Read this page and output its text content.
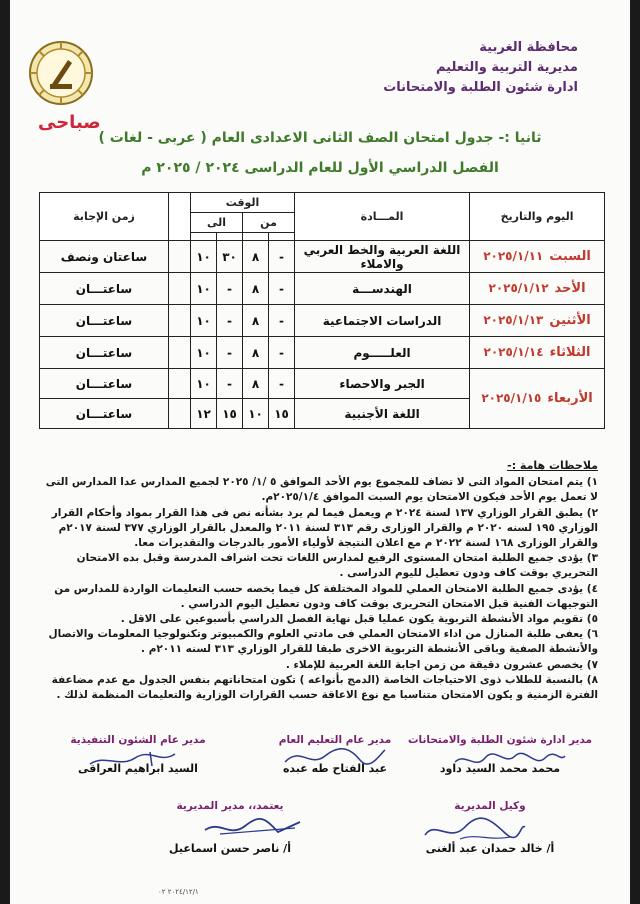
محافظة الغربية
مديرية التربية والتعليم
ادارة شئون الطلبة والامتحانات
صباحى
ثانيا :- جدول امتحان الصف الثانى الاعدادى العام ( عربى - لغات )
الفصل الدراسي الأول للعام الدراسى ٢٠٢٤ / ٢٠٢٥ م
اليوم والتاريخ	المـــادة	الوقت					زمن الإجابة
		من		الى			

السبت٢٠٢٥/١/١١	اللغة العربية والخط العربي والاملاء	-	٨	٣٠	١٠		ساعتان ونصف
الأحد٢٠٢٥/١/١٢	الهندســـة	-	٨	-	١٠		ساعتـــان
الأثنين٢٠٢٥/١/١٣	الدراسات الاجتماعية	-	٨	-	١٠		ساعتـــان
الثلاثاء٢٠٢٥/١/١٤	العلـــــوم	-	٨	-	١٠		ساعتـــان
الأربعاء٢٠٢٥/١/١٥	الجبر والاحصاء	-	٨	-	١٠		ساعتـــان
	اللغة الأجنبية	١٥	١٠	١٥	١٢		ساعتـــان
ملاحظات هامة :-

١) يتم امتحان المواد التى لا تضاف للمجموع يوم الأحد الموافق ٥ /١/ ٢٠٢٥ لجميع المدارس عدا المدارس التى لا تعمل يوم الأحد فيكون الامتحان يوم السبت الموافق ٢٠٢٥/١/٤م.

٢) يطبق القرار الوزاري ١٣٧ لسنة ٢٠٢٤ م ويعمل فيما لم يرد بشأنه نص فى هذا القرار بمواد وأحكام القرار الوزاري ١٩٥ لسنه ٢٠٢٠ م والقرار الوزارى رقم ٣١٣ لسنة ٢٠١١ والمعدل بالقرار الوزاري ٣٧٧ لسنة ٢٠١٧م والقرار الوزارى ١٦٨ لسنة ٢٠٢٢ م مع اعلان النتيجة لأولياء الأمور بالدرجات والتقديرات معا.

٣) يؤدى جميع الطلبة امتحان المستوى الرفيع لمدارس اللغات تحت اشراف المدرسة وقبل بده الامتحان التحريري بوقت كاف ودون تعطيل لليوم الدراسى .

٤) يؤدى جميع الطلبة الامتحان العملي للمواد المختلفة كل فيما يخصه حسب التعليمات الواردة للمدارس من التوجيهات الفنية قبل الامتحان التحريرى بوقت كاف ودون تعطيل اليوم الدراسي .

٥) تقويم مواد الأنشطة التربوية يكون عمليا قبل نهاية الفصل الدراسي بأسبوعين على الاقل .

٦) يعفى طلبة المنازل من اداء الامتحان العملي فى مادتي العلوم والكمبيوتر وتكنولوجيا المعلومات والاتصال والأنشطة الصفية وباقى الأنشطة التربوية الاخرى طبقا للقرار الوزاري ٣١٣ لسنه ٢٠١١م .

٧) يخصص عشرون دقيقة من زمن اجابة اللغة العربية للإملاء .

٨) بالنسبة للطلاب ذوى الاحتياجات الخاصة (الدمج بأنواعه ) تكون امتحاناتهم بنفس الجدول مع عدم مضاعفة الفترة الزمنية و يكون الامتحان متناسبا مع نوع الاعاقة حسب القرارات الوزارية والتعليمات المنظمة لذلك .

مدير ادارة شئون الطلبة والامتحانات
محمد محمد السيد داود
مدير عام التعليم العام
عبد الفتاح طه عبده
مدير عام الشئون التنفيذية
السيد ابراهيم العراقى
وكيل المديرية
أ/ خالد حمدان عبد ألغنى
يعتمد،، مدير المديرية
أ/ ناصر حسن اسماعيل
٢٠٢٤/١٢/١ ٠٢
